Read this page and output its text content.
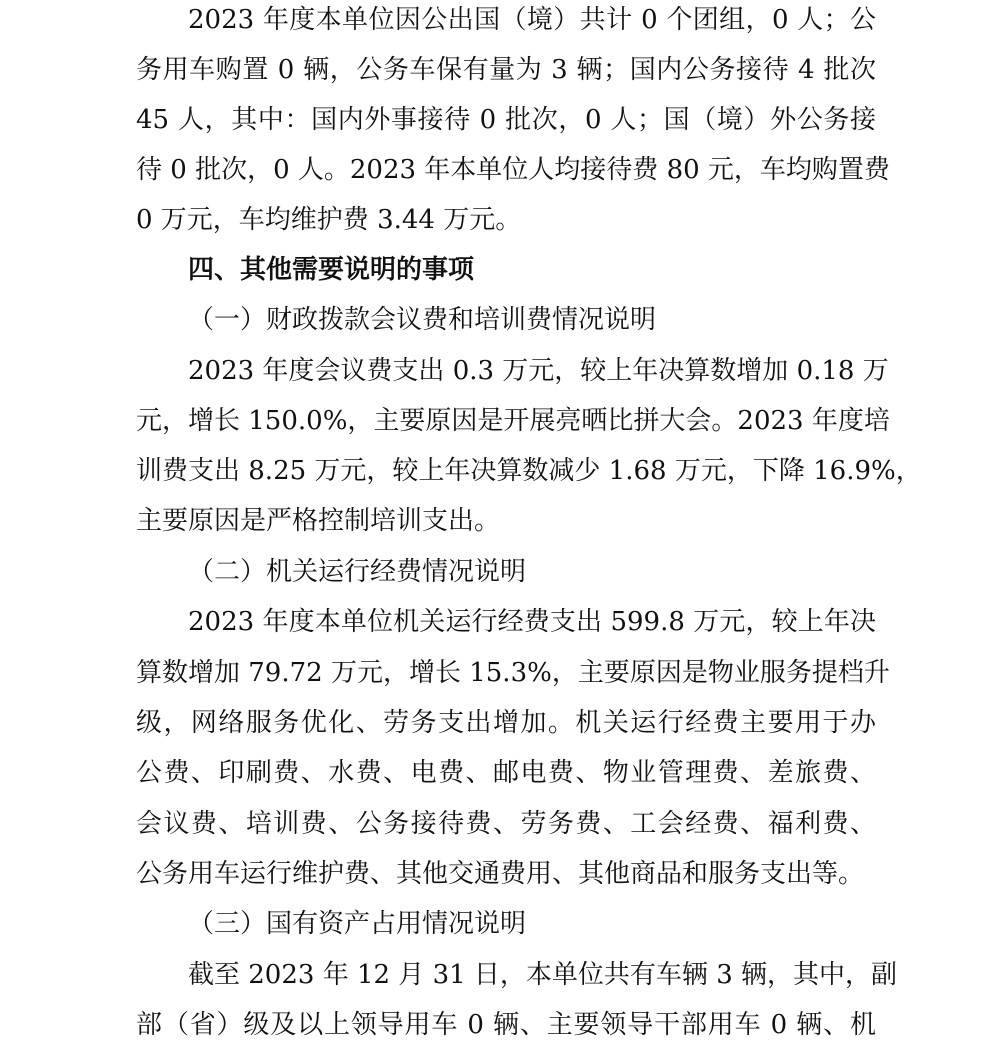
2023 年度本单位因公出国（境）共计 0 个团组，0 人；公
务用车购置 0 辆，公务车保有量为 3 辆；国内公务接待 4 批次
45 人，其中：国内外事接待 0 批次，0 人；国（境）外公务接
待 0 批次，0 人。2023 年本单位人均接待费 80 元，车均购置费
0 万元，车均维护费 3.44 万元。
四、其他需要说明的事项
（一）财政拨款会议费和培训费情况说明
2023 年度会议费支出 0.3 万元，较上年决算数增加 0.18 万
元，增长 150.0%，主要原因是开展亮晒比拼大会。2023 年度培
训费支出 8.25 万元，较上年决算数减少 1.68 万元，下降 16.9%，
主要原因是严格控制培训支出。
（二）机关运行经费情况说明
2023 年度本单位机关运行经费支出 599.8 万元，较上年决
算数增加 79.72 万元，增长 15.3%，主要原因是物业服务提档升
级，网络服务优化、劳务支出增加。机关运行经费主要用于办
公费、印刷费、水费、电费、邮电费、物业管理费、差旅费、
会议费、培训费、公务接待费、劳务费、工会经费、福利费、
公务用车运行维护费、其他交通费用、其他商品和服务支出等。
（三）国有资产占用情况说明
截至 2023 年 12 月 31 日，本单位共有车辆 3 辆，其中，副
部（省）级及以上领导用车 0 辆、主要领导干部用车 0 辆、机
